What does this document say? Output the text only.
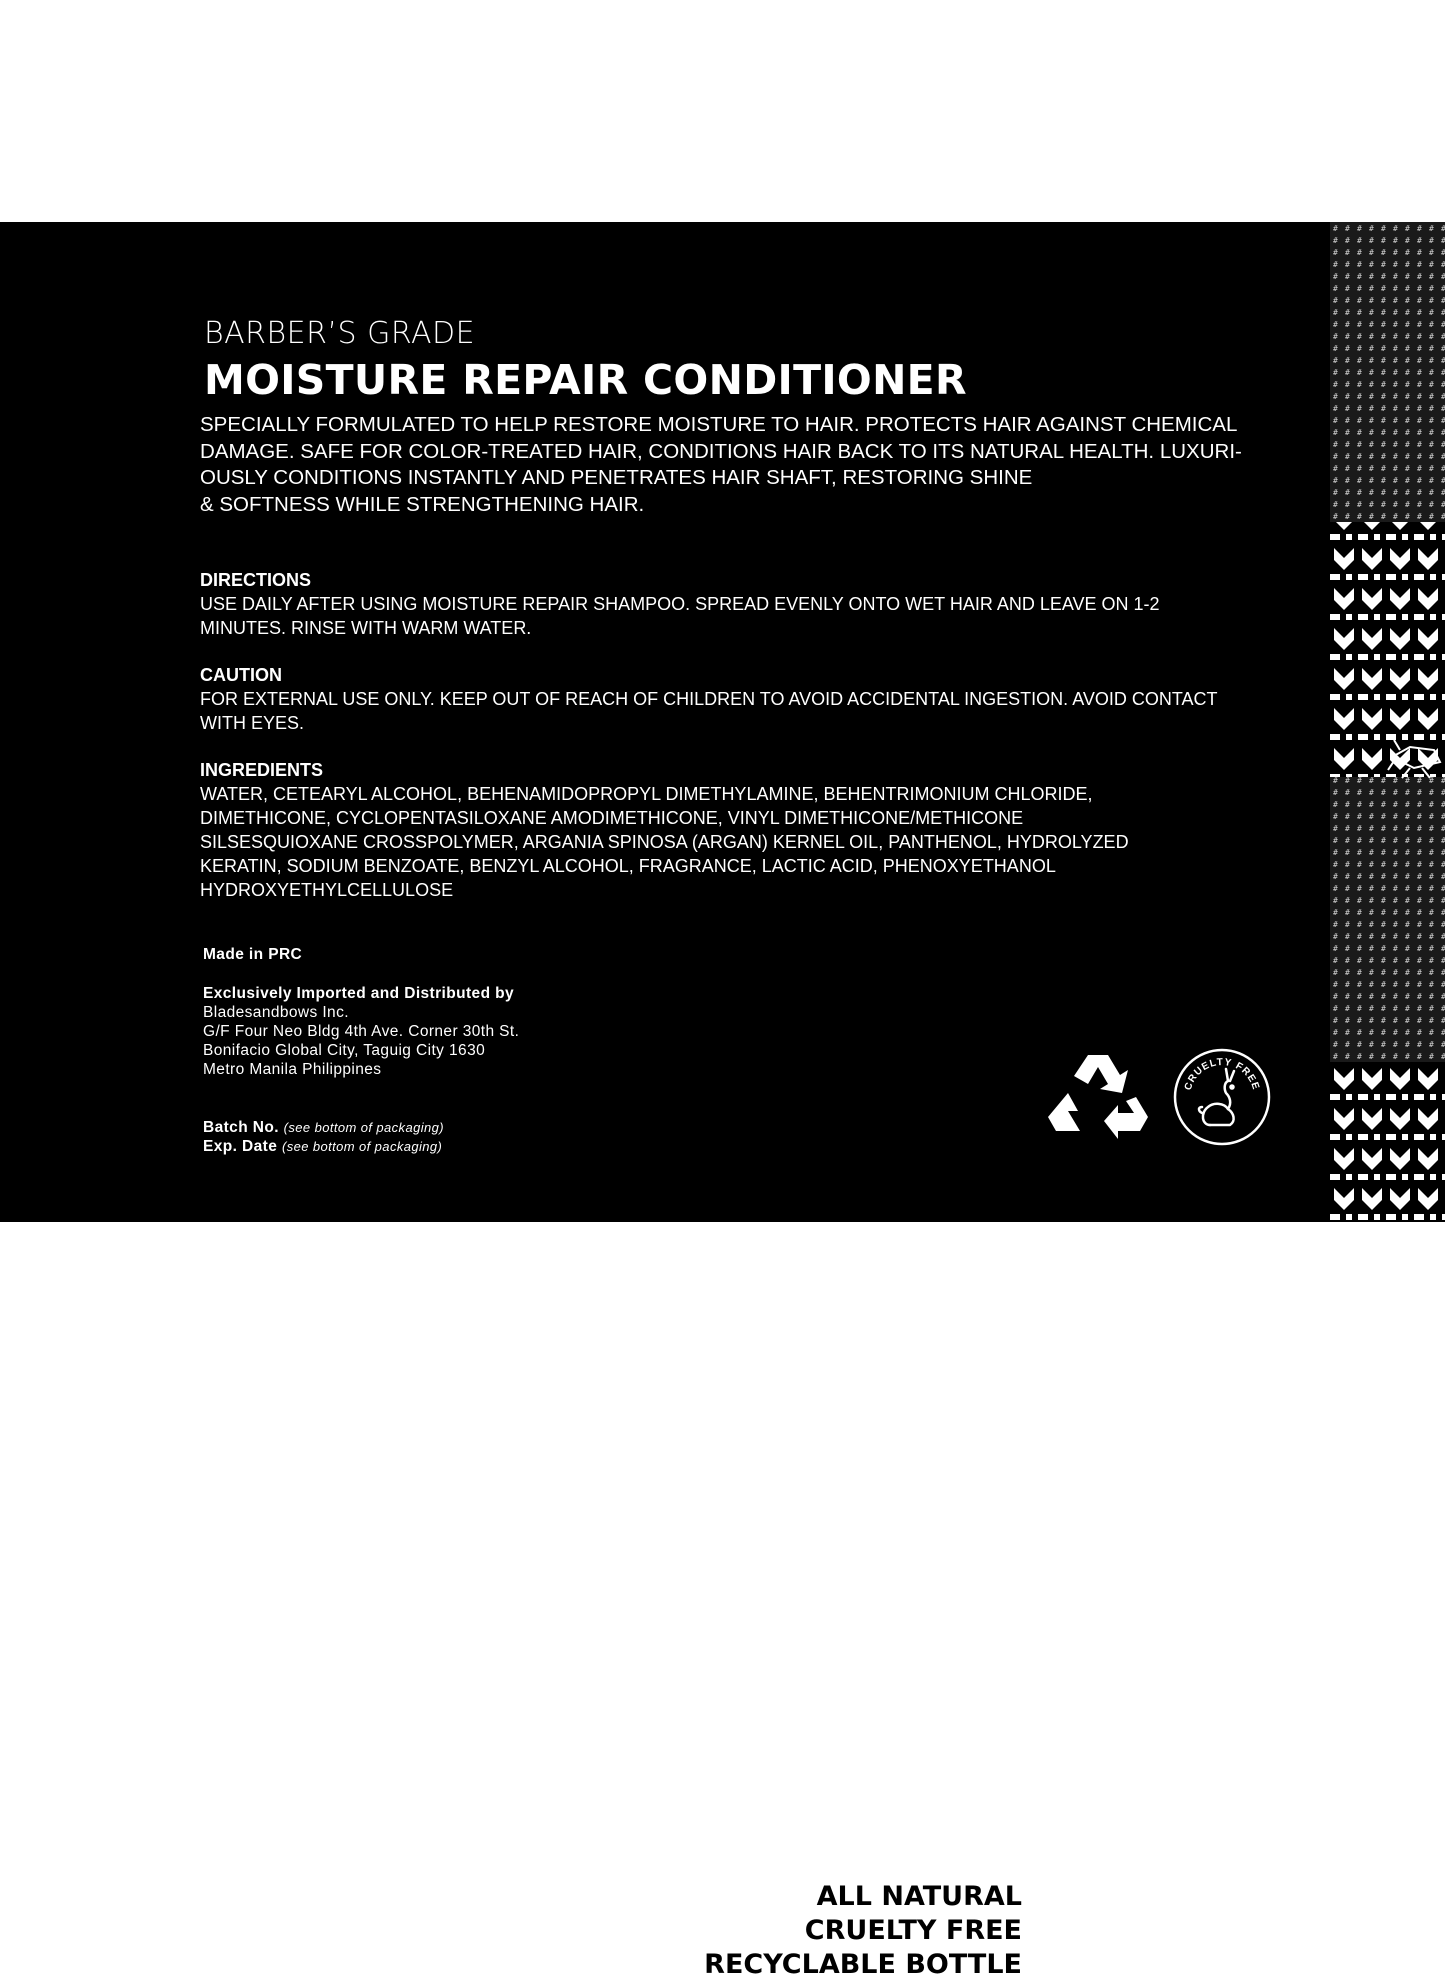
BARBER’S GRADE
MOISTURE REPAIR CONDITIONER
SPECIALLY FORMULATED TO HELP RESTORE MOISTURE TO HAIR. PROTECTS HAIR AGAINST CHEMICAL
DAMAGE. SAFE FOR COLOR-TREATED HAIR, CONDITIONS HAIR BACK TO ITS NATURAL HEALTH. LUXURI-
OUSLY CONDITIONS INSTANTLY AND PENETRATES HAIR SHAFT, RESTORING SHINE
& SOFTNESS WHILE STRENGTHENING HAIR.
DIRECTIONS
USE DAILY AFTER USING MOISTURE REPAIR SHAMPOO. SPREAD EVENLY ONTO WET HAIR AND LEAVE ON 1-2
MINUTES. RINSE WITH WARM WATER.
CAUTION
FOR EXTERNAL USE ONLY. KEEP OUT OF REACH OF CHILDREN TO AVOID ACCIDENTAL INGESTION. AVOID CONTACT
WITH EYES.
INGREDIENTS
WATER, CETEARYL ALCOHOL, BEHENAMIDOPROPYL DIMETHYLAMINE, BEHENTRIMONIUM CHLORIDE,
DIMETHICONE, CYCLOPENTASILOXANE AMODIMETHICONE, VINYL DIMETHICONE/METHICONE
SILSESQUIOXANE CROSSPOLYMER, ARGANIA SPINOSA (ARGAN) KERNEL OIL, PANTHENOL, HYDROLYZED
KERATIN, SODIUM BENZOATE, BENZYL ALCOHOL, FRAGRANCE, LACTIC ACID, PHENOXYETHANOL
HYDROXYETHYLCELLULOSE
Made in PRC
Exclusively Imported and Distributed by
Bladesandbows Inc.
G/F Four Neo Bldg 4th Ave. Corner 30th St.
Bonifacio Global City, Taguig City 1630
Metro Manila Philippines
Batch No. (see bottom of packaging)
Exp. Date (see bottom of packaging)
ALL NATURAL
CRUELTY FREE
RECYCLABLE BOTTLE
CRUELTY FREE
